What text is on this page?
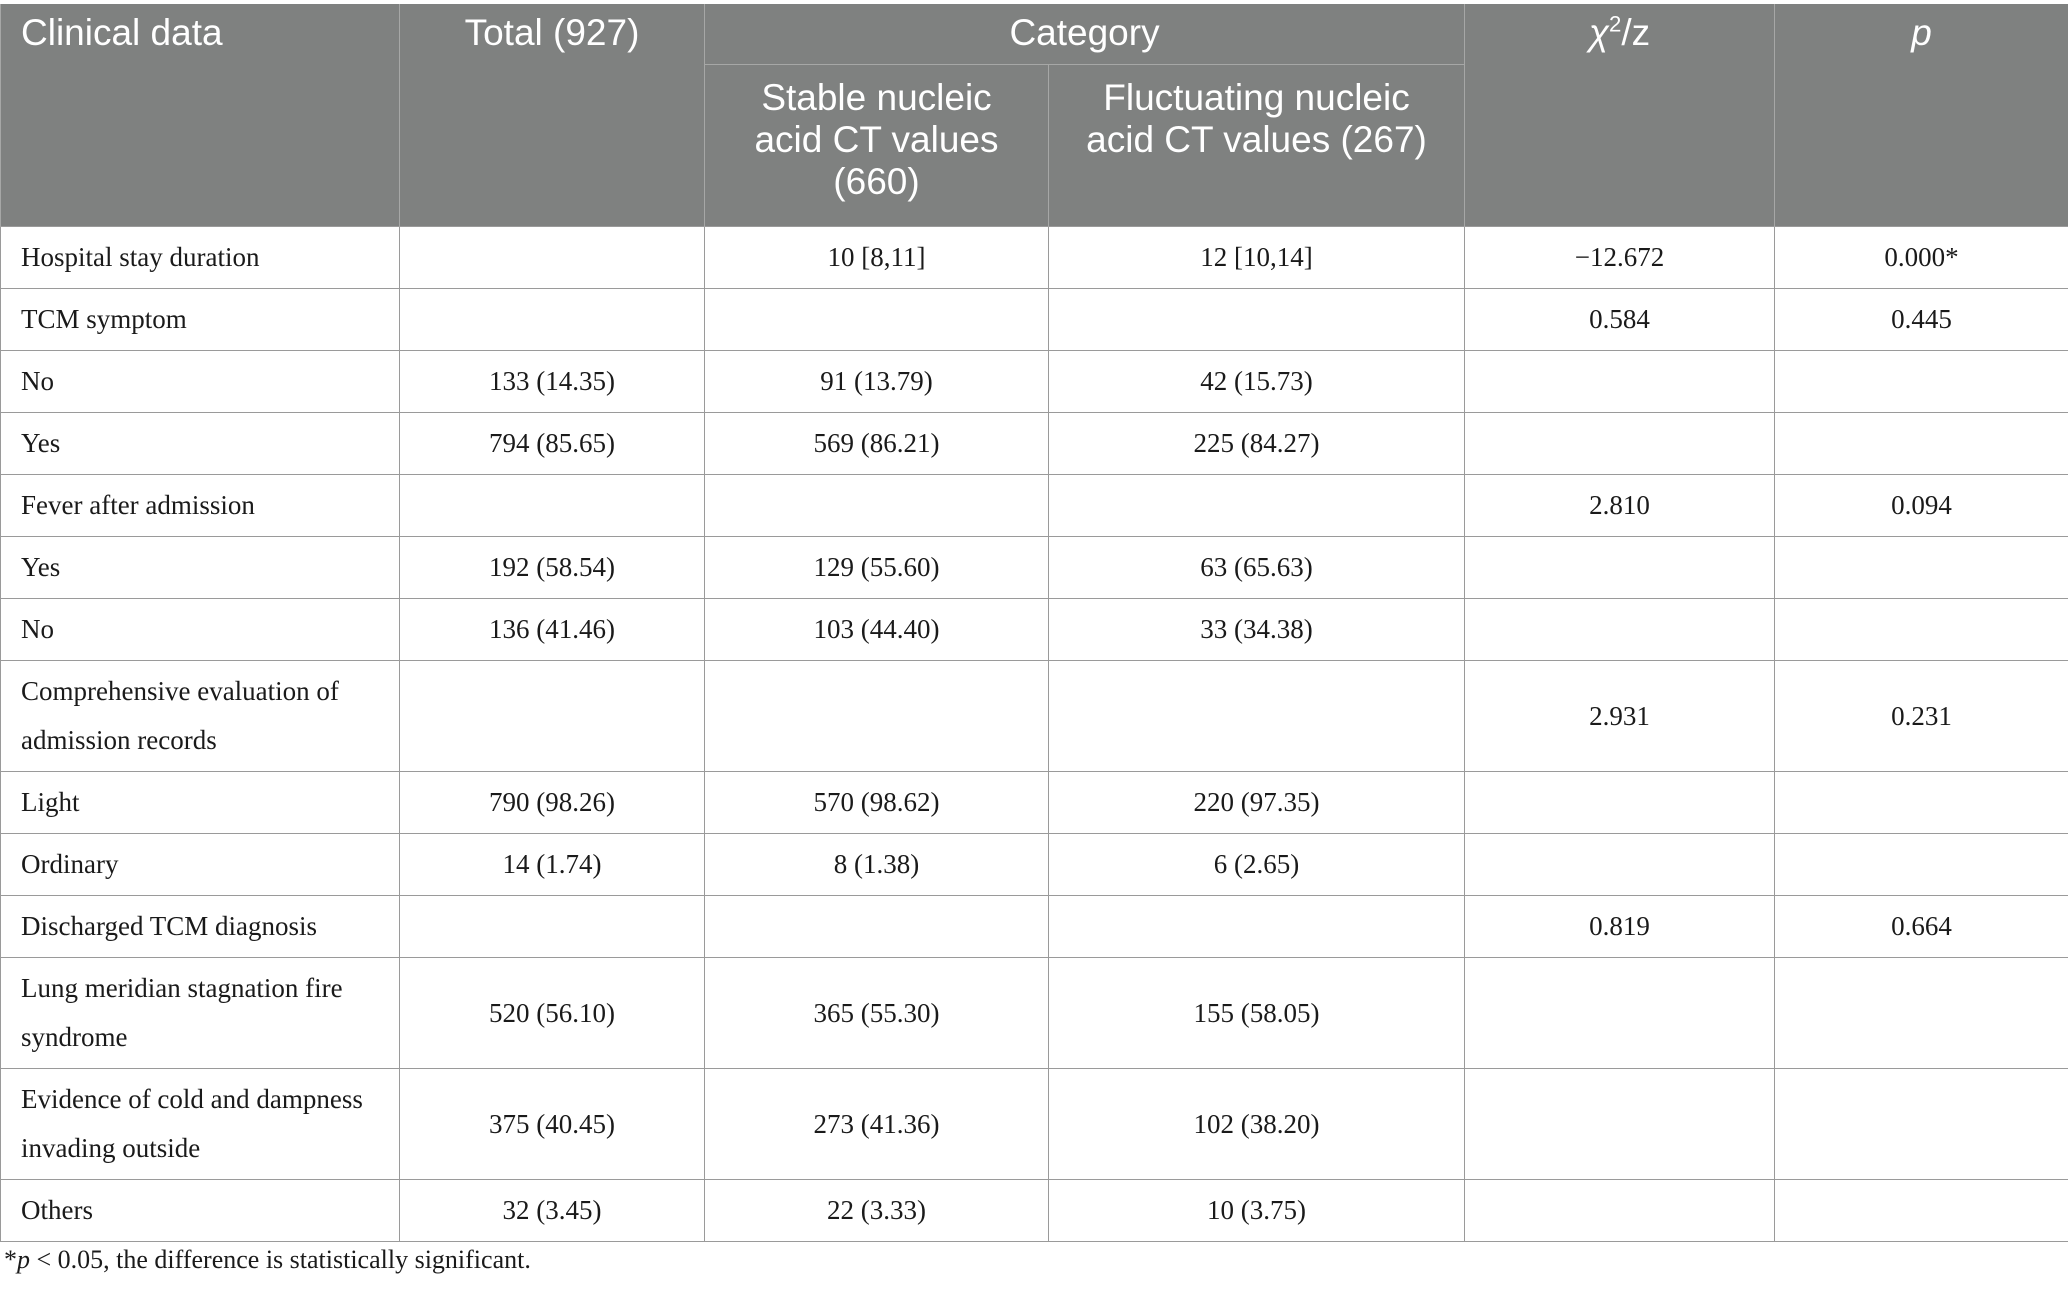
Clinical data	Total (927)	Category		$\chi^2/z$	p
		Stable nucleic acid CT values (660)	Fluctuating nucleic acid CT values (267)		
Hospital stay duration		10 [8,11]	12 [10,14]	−12.672	0.000*
TCM symptom				0.584	0.445
No	133 (14.35)	91 (13.79)	42 (15.73)		
Yes	794 (85.65)	569 (86.21)	225 (84.27)		
Fever after admission				2.810	0.094
Yes	192 (58.54)	129 (55.60)	63 (65.63)		
No	136 (41.46)	103 (44.40)	33 (34.38)		
Comprehensive evaluation of admission records				2.931	0.231
Light	790 (98.26)	570 (98.62)	220 (97.35)		
Ordinary	14 (1.74)	8 (1.38)	6 (2.65)		
Discharged TCM diagnosis				0.819	0.664
Lung meridian stagnation fire syndrome	520 (56.10)	365 (55.30)	155 (58.05)		
Evidence of cold and dampness invading outside	375 (40.45)	273 (41.36)	102 (38.20)		
Others	32 (3.45)	22 (3.33)	10 (3.75)		
*p < 0.05, the difference is statistically significant.
